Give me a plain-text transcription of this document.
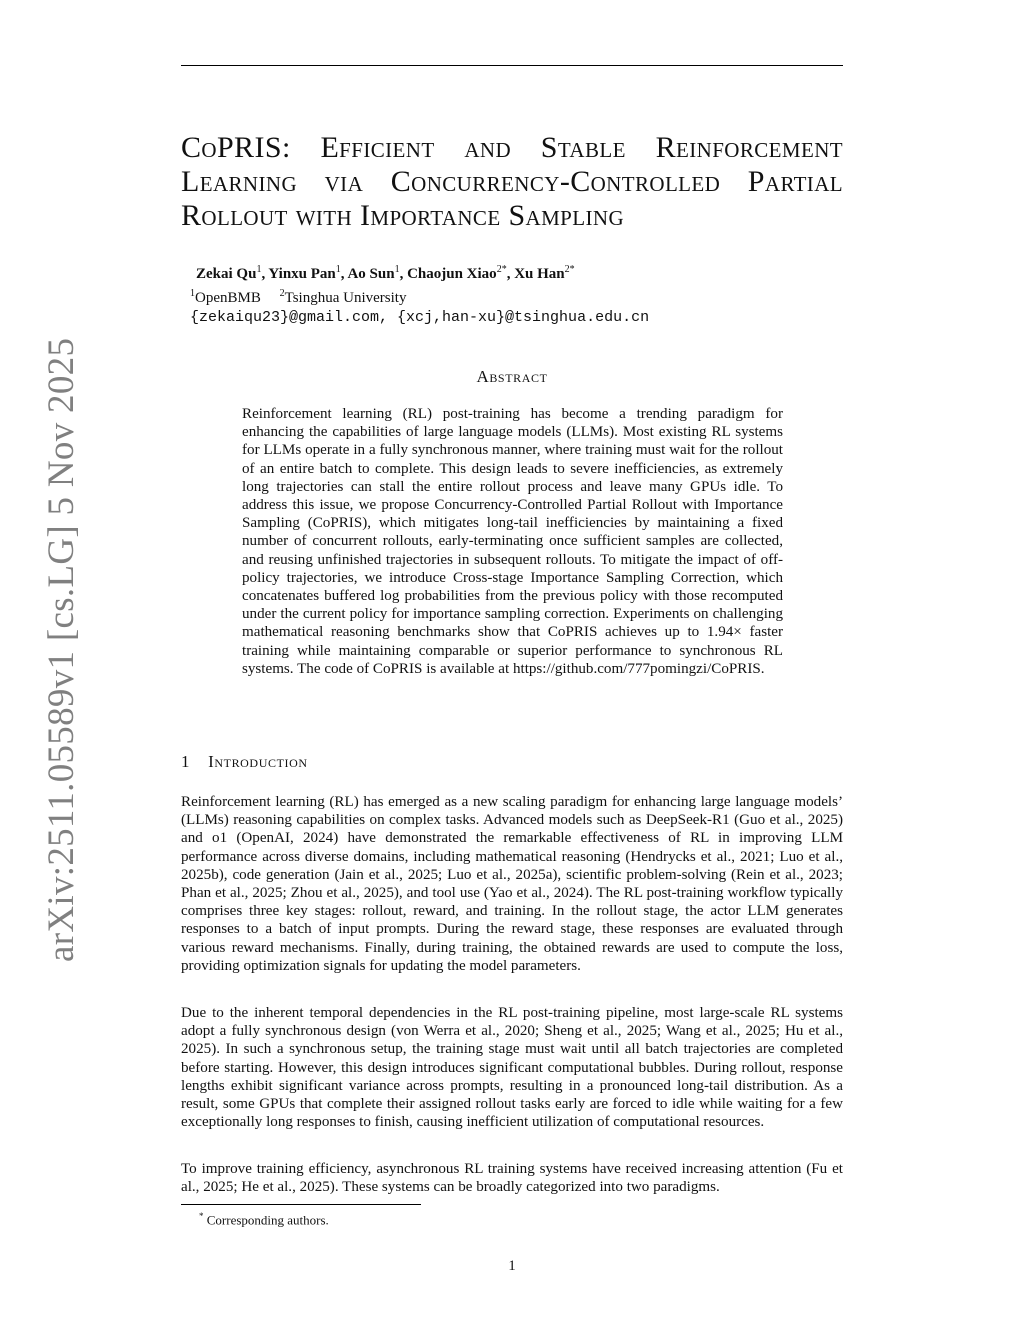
arXiv:2511.05589v1 [cs.LG] 5 Nov 2025
CoPRIS: Efficient and Stable Reinforcement Learning via Concurrency-Controlled Partial Rollout with Importance Sampling
Zekai Qu$^1$, Yinxu Pan$^1$, Ao Sun$^1$, Chaojun Xiao$^{2*}$, Xu Han$^{2*}$
$^1$OpenBMB $^2$Tsinghua University
{zekaiqu23}@gmail.com, {xcj,han-xu}@tsinghua.edu.cn
Abstract

Reinforcement learning (RL) post-training has become a trending paradigm for enhancing the capabilities of large language models (LLMs). Most existing RL systems for LLMs operate in a fully synchronous manner, where training must wait for the rollout of an entire batch to complete. This design leads to severe inefficiencies, as extremely long trajectories can stall the entire rollout process and leave many GPUs idle. To address this issue, we propose Concurrency-Controlled Partial Rollout with Importance Sampling (CoPRIS), which mitigates long-tail inefficiencies by maintaining a fixed number of concurrent rollouts, early-terminating once sufficient samples are collected, and reusing unfinished trajectories in subsequent rollouts. To mitigate the impact of off-policy trajectories, we introduce Cross-stage Importance Sampling Correction, which concatenates buffered log probabilities from the previous policy with those recomputed under the current policy for importance sampling correction. Experiments on challenging mathematical reasoning benchmarks show that CoPRIS achieves up to 1.94× faster training while maintaining comparable or superior performance to synchronous RL systems. The code of CoPRIS is available at https://github.com/777pomingzi/CoPRIS.

1 Introduction

Reinforcement learning (RL) has emerged as a new scaling paradigm for enhancing large language models’ (LLMs) reasoning capabilities on complex tasks. Advanced models such as DeepSeek-R1 (Guo et al., 2025) and o1 (OpenAI, 2024) have demonstrated the remarkable effectiveness of RL in improving LLM performance across diverse domains, including mathematical reasoning (Hendrycks et al., 2021; Luo et al., 2025b), code generation (Jain et al., 2025; Luo et al., 2025a), scientific problem-solving (Rein et al., 2023; Phan et al., 2025; Zhou et al., 2025), and tool use (Yao et al., 2024). The RL post-training workflow typically comprises three key stages: rollout, reward, and training. In the rollout stage, the actor LLM generates responses to a batch of input prompts. During the reward stage, these responses are evaluated through various reward mechanisms. Finally, during training, the obtained rewards are used to compute the loss, providing optimization signals for updating the model parameters.

Due to the inherent temporal dependencies in the RL post-training pipeline, most large-scale RL systems adopt a fully synchronous design (von Werra et al., 2020; Sheng et al., 2025; Wang et al., 2025; Hu et al., 2025). In such a synchronous setup, the training stage must wait until all batch trajectories are completed before starting. However, this design introduces significant computational bubbles. During rollout, response lengths exhibit significant variance across prompts, resulting in a pronounced long-tail distribution. As a result, some GPUs that complete their assigned rollout tasks early are forced to idle while waiting for a few exceptionally long responses to finish, causing inefficient utilization of computational resources.

To improve training efficiency, asynchronous RL training systems have received increasing attention (Fu et al., 2025; He et al., 2025). These systems can be broadly categorized into two paradigms.

* Corresponding authors.

1
